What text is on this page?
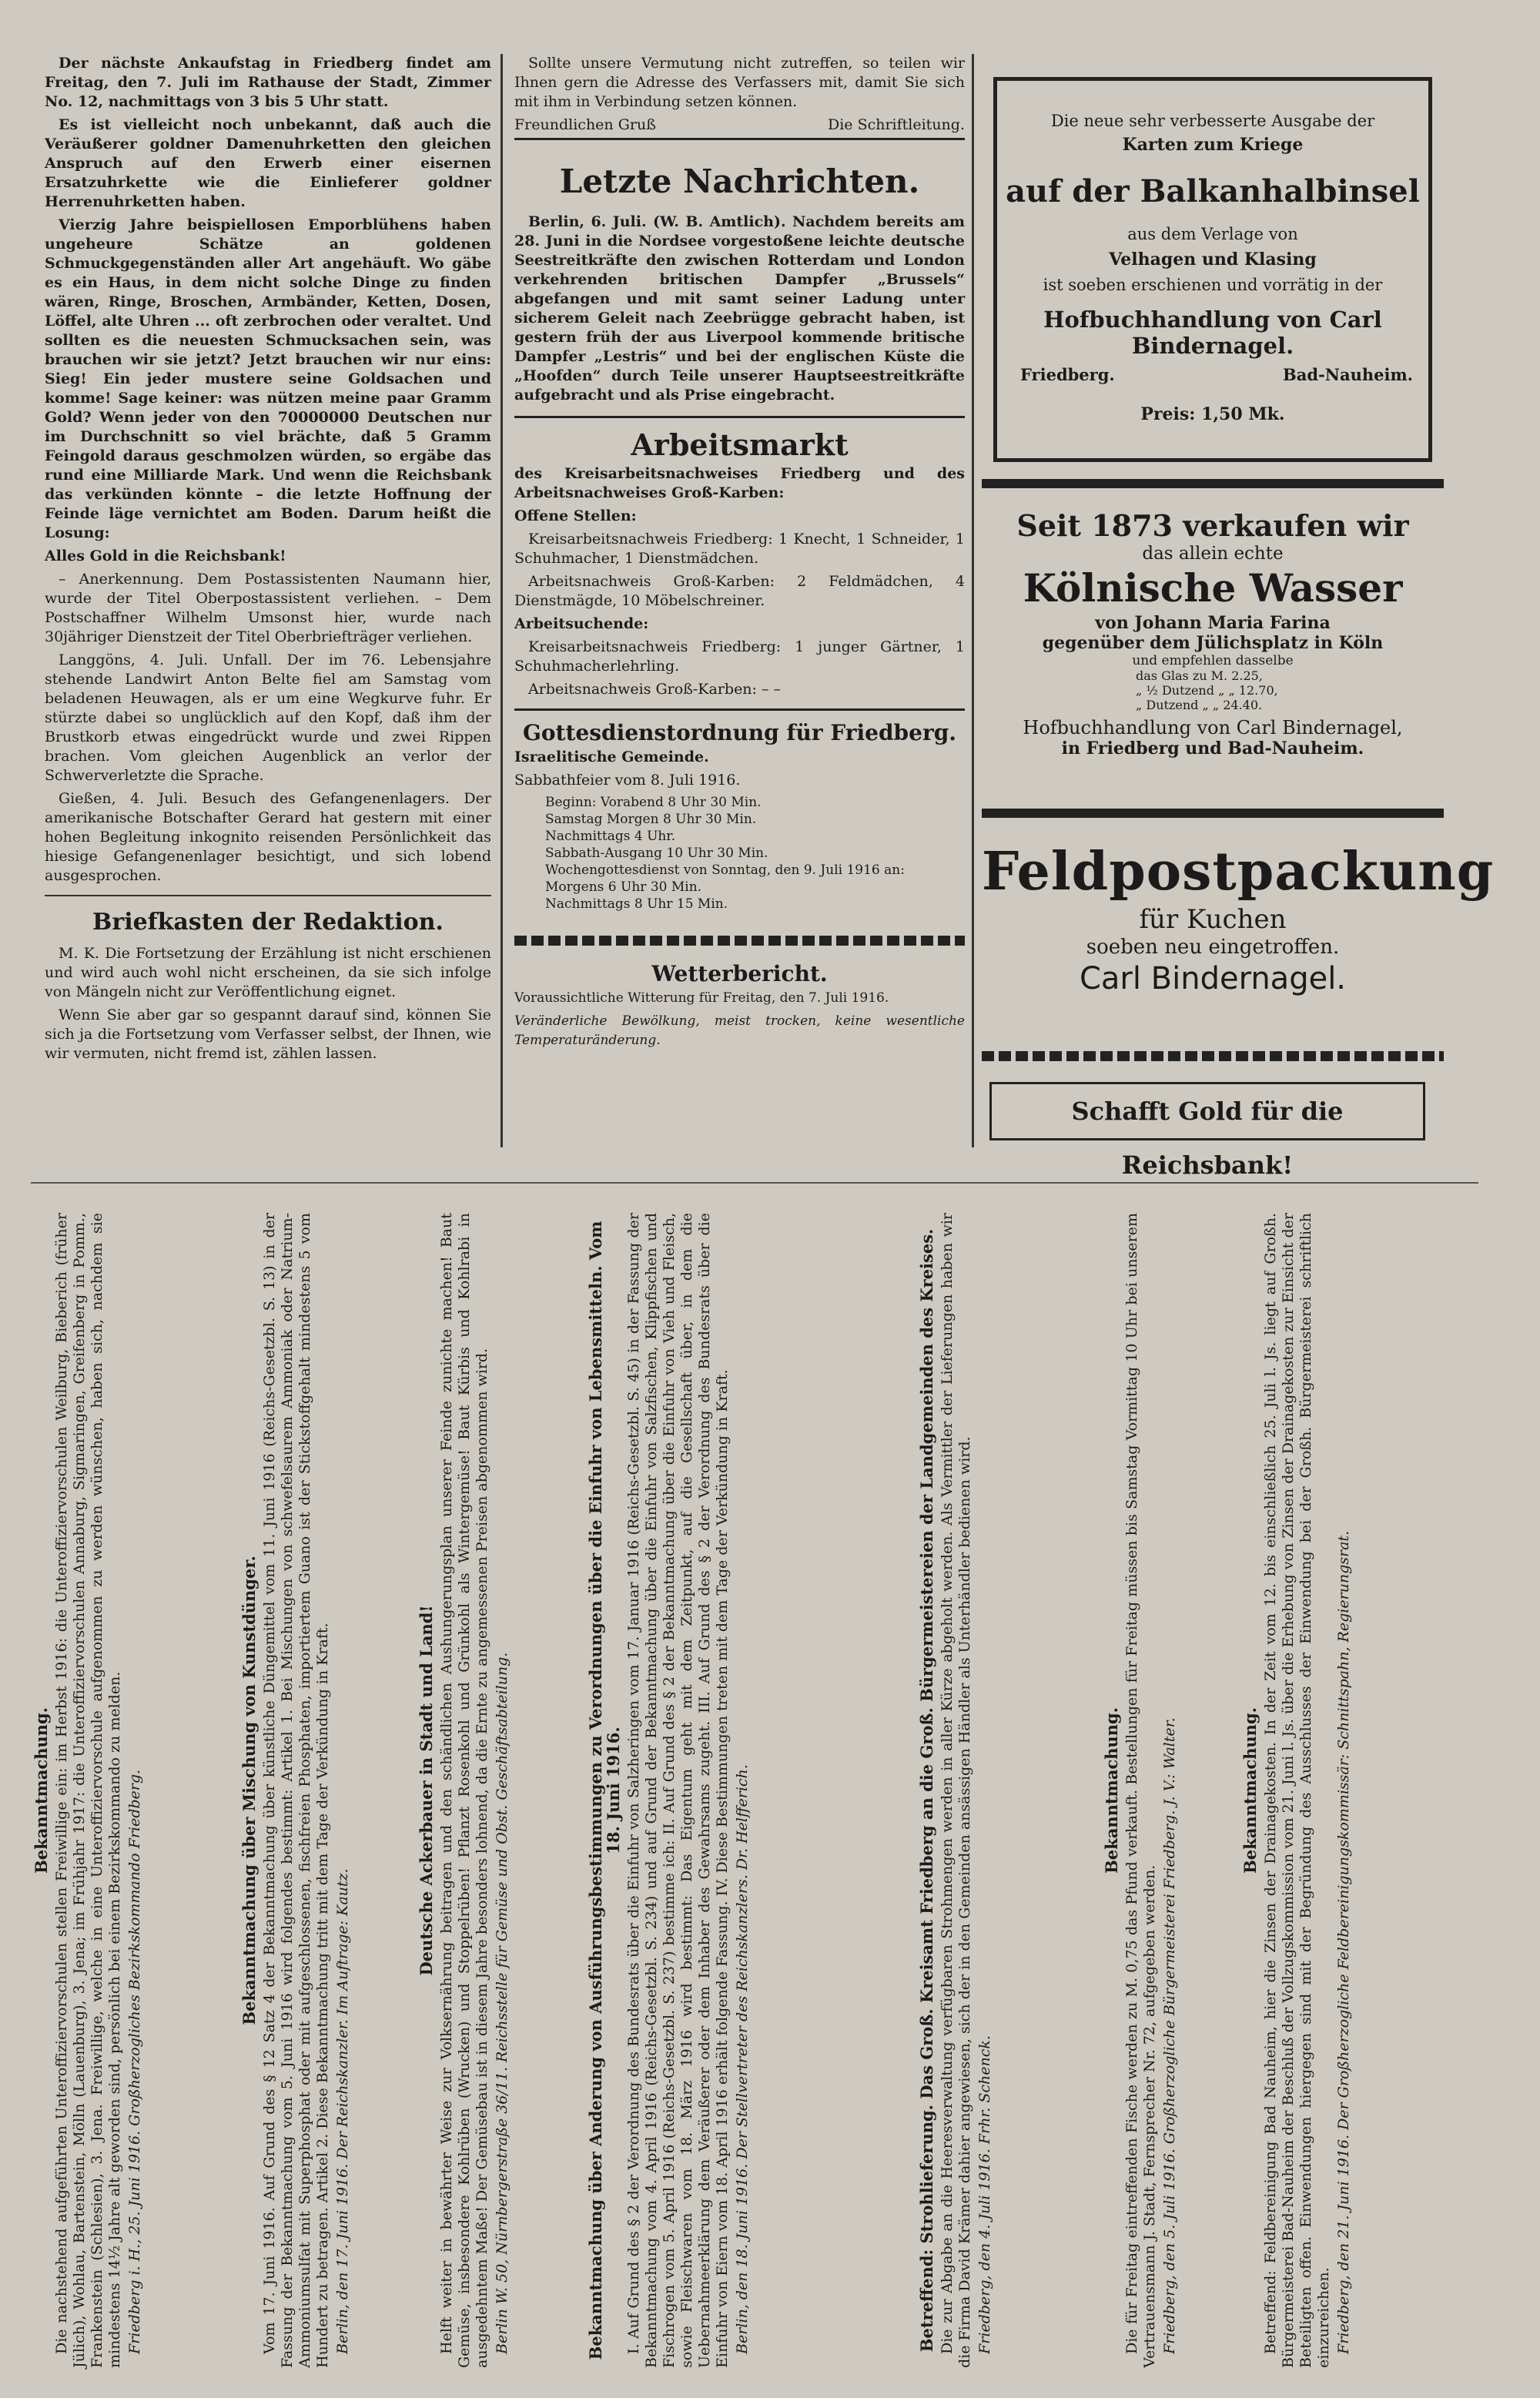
Der nächste Ankaufstag in Friedberg findet am Freitag, den 7. Juli im Rathause der Stadt, Zimmer No. 12, nachmittags von 3 bis 5 Uhr statt.

Es ist vielleicht noch unbekannt, daß auch die Veräußerer goldner Damenuhrketten den gleichen Anspruch auf den Erwerb einer eisernen Ersatzuhrkette wie die Einlieferer goldner Herrenuhrketten haben.

Vierzig Jahre beispiellosen Emporblühens haben ungeheure Schätze an goldenen Schmuckgegenständen aller Art angehäuft. Wo gäbe es ein Haus, in dem nicht solche Dinge zu finden wären, Ringe, Broschen, Armbänder, Ketten, Dosen, Löffel, alte Uhren ... oft zerbrochen oder veraltet. Und sollten es die neuesten Schmucksachen sein, was brauchen wir sie jetzt? Jetzt brauchen wir nur eins: Sieg! Ein jeder mustere seine Goldsachen und komme! Sage keiner: was nützen meine paar Gramm Gold? Wenn jeder von den 70000000 Deutschen nur im Durchschnitt so viel brächte, daß 5 Gramm Feingold daraus geschmolzen würden, so ergäbe das rund eine Milliarde Mark. Und wenn die Reichsbank das verkünden könnte – die letzte Hoffnung der Feinde läge vernichtet am Boden. Darum heißt die Losung:

Alles Gold in die Reichsbank!

– Anerkennung. Dem Postassistenten Naumann hier, wurde der Titel Oberpostassistent verliehen. – Dem Postschaffner Wilhelm Umsonst hier, wurde nach 30jähriger Dienstzeit der Titel Oberbriefträger verliehen.

Langgöns, 4. Juli. Unfall. Der im 76. Lebensjahre stehende Landwirt Anton Belte fiel am Samstag vom beladenen Heuwagen, als er um eine Wegkurve fuhr. Er stürzte dabei so unglücklich auf den Kopf, daß ihm der Brustkorb etwas eingedrückt wurde und zwei Rippen brachen. Vom gleichen Augenblick an verlor der Schwerverletzte die Sprache.

Gießen, 4. Juli. Besuch des Gefangenenlagers. Der amerikanische Botschafter Gerard hat gestern mit einer hohen Begleitung inkognito reisenden Persönlichkeit das hiesige Gefangenenlager besichtigt, und sich lobend ausgesprochen.

Briefkasten der Redaktion.

M. K. Die Fortsetzung der Erzählung ist nicht erschienen und wird auch wohl nicht erscheinen, da sie sich infolge von Mängeln nicht zur Veröffentlichung eignet.

Wenn Sie aber gar so gespannt darauf sind, können Sie sich ja die Fortsetzung vom Verfasser selbst, der Ihnen, wie wir vermuten, nicht fremd ist, zählen lassen.

Sollte unsere Vermutung nicht zutreffen, so teilen wir Ihnen gern die Adresse des Verfassers mit, damit Sie sich mit ihm in Verbindung setzen können.

Freundlichen Gruß	Die Schriftleitung.
Letzte Nachrichten.

Berlin, 6. Juli. (W. B. Amtlich). Nachdem bereits am 28. Juni in die Nordsee vorgestoßene leichte deutsche Seestreitkräfte den zwischen Rotterdam und London verkehrenden britischen Dampfer „Brussels“ abgefangen und mit samt seiner Ladung unter sicherem Geleit nach Zeebrügge gebracht haben, ist gestern früh der aus Liverpool kommende britische Dampfer „Lestris“ und bei der englischen Küste die „Hoofden“ durch Teile unserer Hauptseestreitkräfte aufgebracht und als Prise eingebracht.

Arbeitsmarkt

des Kreisarbeitsnachweises Friedberg und des Arbeitsnachweises Groß-Karben:

Offene Stellen:

Kreisarbeitsnachweis Friedberg: 1 Knecht, 1 Schneider, 1 Schuhmacher, 1 Dienstmädchen.

Arbeitsnachweis Groß-Karben: 2 Feldmädchen, 4 Dienstmägde, 10 Möbelschreiner.

Arbeitsuchende:

Kreisarbeitsnachweis Friedberg: 1 junger Gärtner, 1 Schuhmacherlehrling.

Arbeitsnachweis Groß-Karben: – –

Gottesdienstordnung für Friedberg.

Israelitische Gemeinde.

Sabbathfeier vom 8. Juli 1916.

Beginn: Vorabend 8 Uhr 30 Min.
Samstag Morgen 8 Uhr 30 Min.
Nachmittags 4 Uhr.
Sabbath-Ausgang 10 Uhr 30 Min.
Wochengottesdienst von Sonntag, den 9. Juli 1916 an:
Morgens 6 Uhr 30 Min.
Nachmittags 8 Uhr 15 Min.
Wetterbericht.

Voraussichtliche Witterung für Freitag, den 7. Juli 1916.

Veränderliche Bewölkung, meist trocken, keine wesentliche Temperaturänderung.

Die neue sehr verbesserte Ausgabe der
Karten zum Kriege
auf der Balkanhalbinsel
aus dem Verlage von
Velhagen und Klasing
ist soeben erschienen und vorrätig in der
Hofbuchhandlung von Carl Bindernagel.
Friedberg.	Bad-Nauheim.
Preis: 1,50 Mk.
Seit 1873 verkaufen wir
das allein echte
Kölnische Wasser
von Johann Maria Farina
gegenüber dem Jülichsplatz in Köln
und empfehlen dasselbe
das Glas zu M. 2.25,
„ ½ Dutzend „ „ 12.70,
„ Dutzend „ „ 24.40.
Hofbuchhandlung von Carl Bindernagel,
in Friedberg und Bad-Nauheim.
Feldpostpackung
für Kuchen
soeben neu eingetroffen.
Carl Bindernagel.
Schafft Gold für die Reichsbank!
Bekanntmachung. Die nachstehend aufgeführten Unteroffiziervorschulen stellen Freiwillige ein: im Herbst 1916: die Unteroffiziervorschulen Weilburg, Bieberich (früher Jülich), Wohlau, Bartenstein, Mölln (Lauenburg), 3. Jena; im Frühjahr 1917: die Unteroffiziervorschulen Annaburg, Sigmaringen, Greifenberg in Pomm., Frankenstein (Schlesien), 3. Jena. Freiwillige, welche in eine Unteroffiziervorschule aufgenommen zu werden wünschen, haben sich, nachdem sie mindestens 14½ Jahre alt geworden sind, persönlich bei einem Bezirkskommando zu melden. Friedberg i. H., 25. Juni 1916. Großherzogliches Bezirkskommando Friedberg.	Bekanntmachung über Mischung von Kunstdünger. Vom 17. Juni 1916. Auf Grund des § 12 Satz 4 der Bekanntmachung über künstliche Düngemittel vom 11. Juni 1916 (Reichs-Gesetzbl. S. 13) in der Fassung der Bekanntmachung vom 5. Juni 1916 wird folgendes bestimmt: Artikel 1. Bei Mischungen von schwefelsaurem Ammoniak oder Natrium-Ammoniumsulfat mit Superphosphat oder mit aufgeschlossenen, fischfreien Phosphaten, importiertem Guano ist der Stickstoffgehalt mindestens 5 vom Hundert zu betragen. Artikel 2. Diese Bekanntmachung tritt mit dem Tage der Verkündung in Kraft. Berlin, den 17. Juni 1916. Der Reichskanzler. Im Auftrage: Kautz.

Deutsche Ackerbauer in Stadt und Land! Helft weiter in bewährter Weise zur Volksernährung beitragen und den schändlichen Aushungerungsplan unserer Feinde zunichte machen! Baut Gemüse, insbesondere Kohlrüben (Wrucken) und Stoppelrüben! Pflanzt Rosenkohl und Grünkohl als Wintergemüse! Baut Kürbis und Kohlrabi in ausgedehntem Maße! Der Gemüsebau ist in diesem Jahre besonders lohnend, da die Ernte zu angemessenen Preisen abgenommen wird. Berlin W. 50, Nürnbergerstraße 36/11. Reichsstelle für Gemüse und Obst. Geschäftsabteilung.	Bekanntmachung über Anderung von Ausführungsbestimmungen zu Verordnungen über die Einfuhr von Lebensmitteln. Vom 18. Juni 1916. I. Auf Grund des § 2 der Verordnung des Bundesrats über die Einfuhr von Salzheringen vom 17. Januar 1916 (Reichs-Gesetzbl. S. 45) in der Fassung der Bekanntmachung vom 4. April 1916 (Reichs-Gesetzbl. S. 234) und auf Grund der Bekanntmachung über die Einfuhr von Salzfischen, Klippfischen und Fischrogen vom 5. April 1916 (Reichs-Gesetzbl. S. 237) bestimme ich: II. Auf Grund des § 2 der Bekanntmachung über die Einfuhr von Vieh und Fleisch, sowie Fleischwaren vom 18. März 1916 wird bestimmt: Das Eigentum geht mit dem Zeitpunkt, auf die Gesellschaft über, in dem die Uebernahmeerklärung dem Veräußerer oder dem Inhaber des Gewahrsams zugeht. III. Auf Grund des § 2 der Verordnung des Bundesrats über die Einfuhr von Eiern vom 18. April 1916 erhält folgende Fassung. IV. Diese Bestimmungen treten mit dem Tage der Verkündung in Kraft. Berlin, den 18. Juni 1916. Der Stellvertreter des Reichskanzlers. Dr. Helfferich.	Betreffend: Strohlieferung. Das Groß. Kreisamt Friedberg an die Groß. Bürgermeistereien der Landgemeinden des Kreises. Die zur Abgabe an die Heeresverwaltung verfügbaren Strohmengen werden in aller Kürze abgeholt werden. Als Vermittler der Lieferungen haben wir die Firma David Krämer dahier angewiesen, sich der in den Gemeinden ansässigen Händler als Unterhändler bedienen wird. Friedberg, den 4. Juli 1916. Frhr. Schenck.

Bekanntmachung. Die für Freitag eintreffenden Fische werden zu M. 0,75 das Pfund verkauft. Bestellungen für Freitag müssen bis Samstag Vormittag 10 Uhr bei unserem Vertrauensmann J. Stadt, Fernsprecher Nr. 72, aufgegeben werden. Friedberg, den 5. Juli 1916. Großherzogliche Bürgermeisterei Friedberg. J. V.: Walter.	Bekanntmachung. Betreffend: Feldbereinigung Bad Nauheim, hier die Zinsen der Drainagekosten. In der Zeit vom 12. bis einschließlich 25. Juli l. Js. liegt auf Großh. Bürgermeisterei Bad-Nauheim der Beschluß der Vollzugskommission vom 21. Juni l. Js. über die Erhebung von Zinsen der Drainagekosten zur Einsicht der Beteiligten offen. Einwendungen hiergegen sind mit der Begründung des Ausschlusses der Einwendung bei der Großh. Bürgermeisterei schriftlich einzureichen. Friedberg, den 21. Juni 1916. Der Großherzogliche Feldbereinigungskommissär: Schnittspahn, Regierungsrat.
